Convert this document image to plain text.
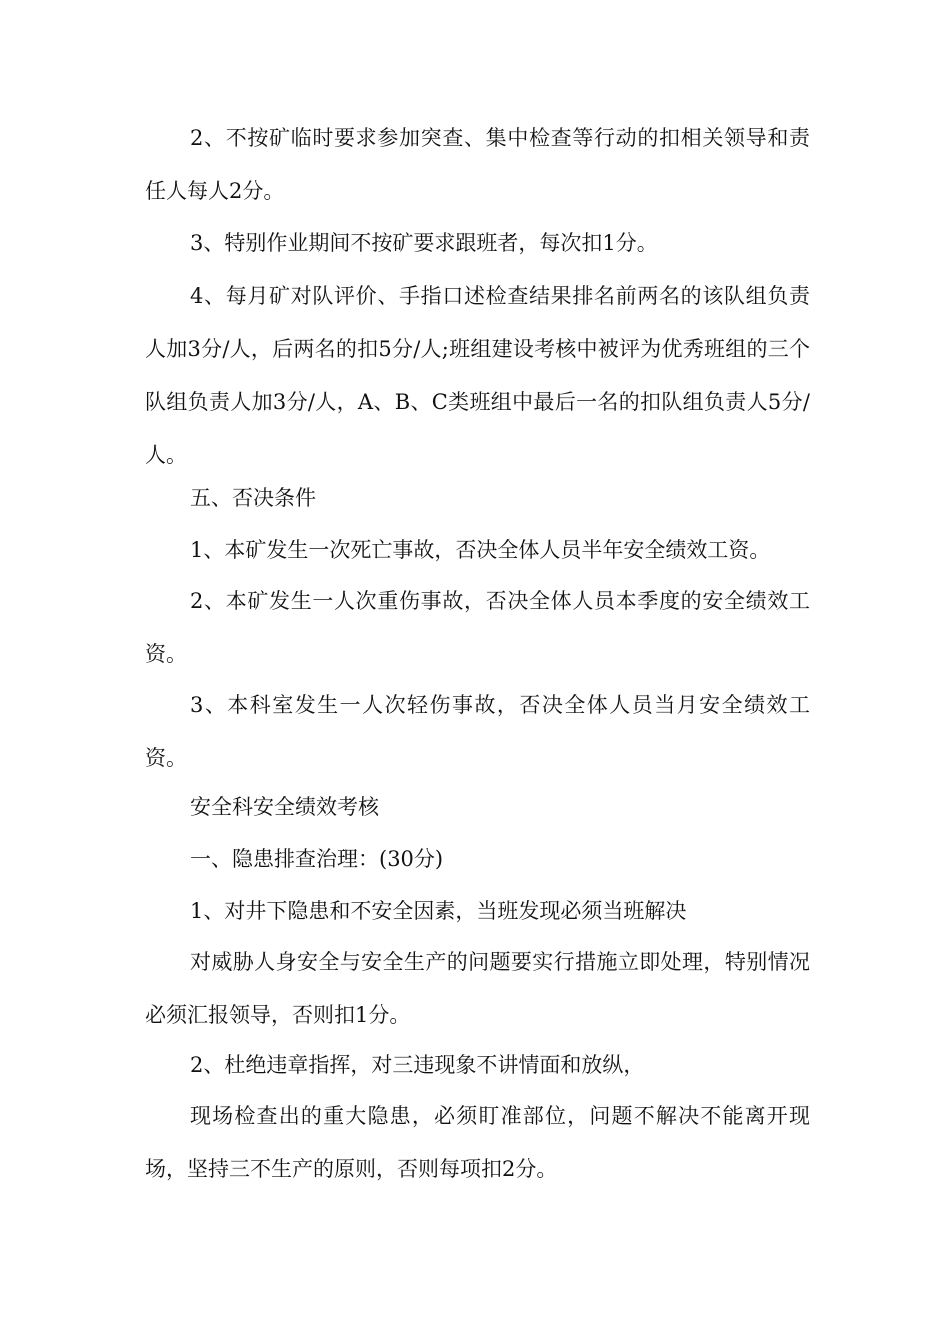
2、不按矿临时要求参加突查、集中检查等行动的扣相关领导和责任人每人2分。

3、特别作业期间不按矿要求跟班者，每次扣1分。

4、每月矿对队评价、手指口述检查结果排名前两名的该队组负责人加3分/人，后两名的扣5分/人;班组建设考核中被评为优秀班组的三个队组负责人加3分/人，A、B、C类班组中最后一名的扣队组负责人5分/人。

五、否决条件

1、本矿发生一次死亡事故，否决全体人员半年安全绩效工资。

2、本矿发生一人次重伤事故，否决全体人员本季度的安全绩效工资。

3、本科室发生一人次轻伤事故，否决全体人员当月安全绩效工资。

安全科安全绩效考核

一、隐患排查治理：(30分)

1、对井下隐患和不安全因素，当班发现必须当班解决

对威胁人身安全与安全生产的问题要实行措施立即处理，特别情况必须汇报领导，否则扣1分。

2、杜绝违章指挥，对三违现象不讲情面和放纵，

现场检查出的重大隐患，必须盯准部位，问题不解决不能离开现场，坚持三不生产的原则，否则每项扣2分。
